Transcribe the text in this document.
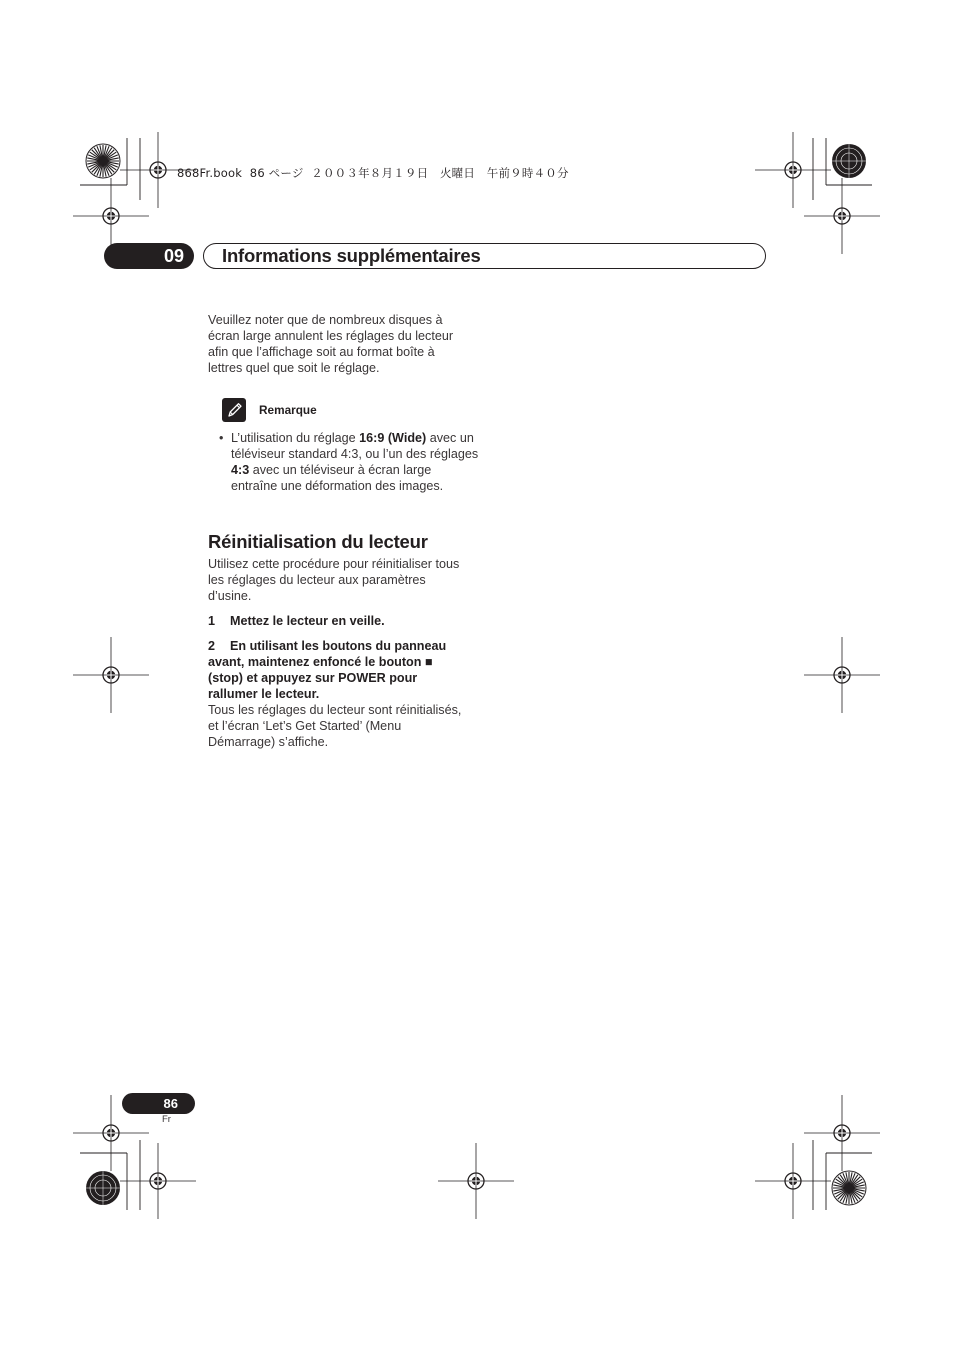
868Fr.book  86 ページ  ２００３年８月１９日　火曜日　午前９時４０分
09	Informations supplémentaires
Veuillez noter que de nombreux disques à
écran large annulent les réglages du lecteur
afin que l’affichage soit au format boîte à
lettres quel que soit le réglage.
Remarque
• L’utilisation du réglage 16:9 (Wide) avec un téléviseur standard 4:3, ou l’un des réglages 4:3 avec un téléviseur à écran large entraîne une déformation des images.
Réinitialisation du lecteur
Utilisez cette procédure pour réinitialiser tous
les réglages du lecteur aux paramètres
d’usine.
1 Mettez le lecteur en veille.
2 En utilisant les boutons du panneau avant, maintenez enfoncé le bouton ■ (stop) et appuyez sur POWER pour rallumer le lecteur.
Tous les réglages du lecteur sont réinitialisés,
et l’écran ‘Let’s Get Started’ (Menu
Démarrage) s’affiche.
86
Fr
